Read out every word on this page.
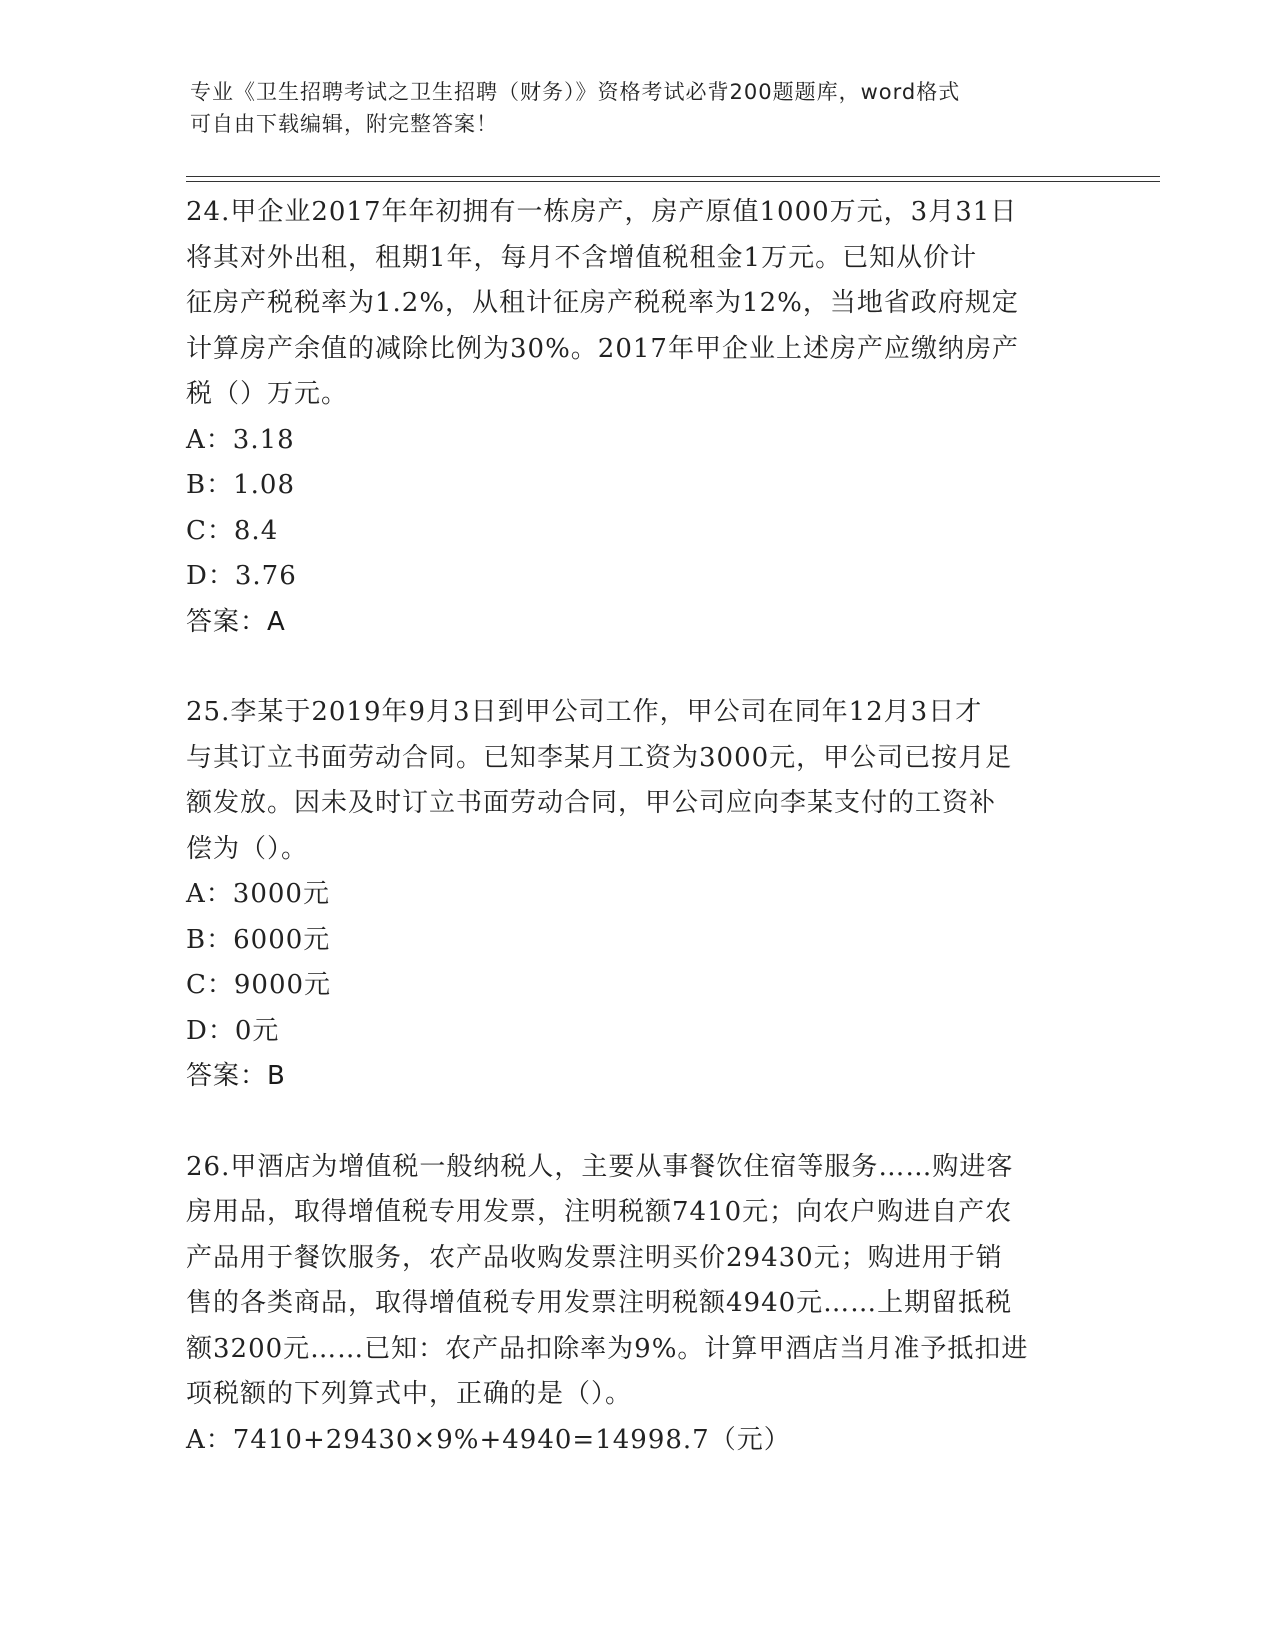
专业《卫生招聘考试之卫生招聘（财务）》资格考试必背200题题库，word格式
可自由下载编辑，附完整答案！
24.甲企业2017年年初拥有一栋房产，房产原值1000万元，3月31日
将其对外出租，租期1年，每月不含增值税租金1万元。已知从价计
征房产税税率为1.2%，从租计征房产税税率为12%，当地省政府规定
计算房产余值的减除比例为30%。2017年甲企业上述房产应缴纳房产
税（）万元。
A：3.18
B：1.08
C：8.4
D：3.76
答案：A
25.李某于2019年9月3日到甲公司工作，甲公司在同年12月3日才
与其订立书面劳动合同。已知李某月工资为3000元，甲公司已按月足
额发放。因未及时订立书面劳动合同，甲公司应向李某支付的工资补
偿为（）。
A：3000元
B：6000元
C：9000元
D：0元
答案：B
26.甲酒店为增值税一般纳税人，主要从事餐饮住宿等服务……购进客
房用品，取得增值税专用发票，注明税额7410元；向农户购进自产农
产品用于餐饮服务，农产品收购发票注明买价29430元；购进用于销
售的各类商品，取得增值税专用发票注明税额4940元……上期留抵税
额3200元……已知：农产品扣除率为9%。计算甲酒店当月准予抵扣进
项税额的下列算式中，正确的是（）。
A：7410+29430×9%+4940=14998.7（元）
